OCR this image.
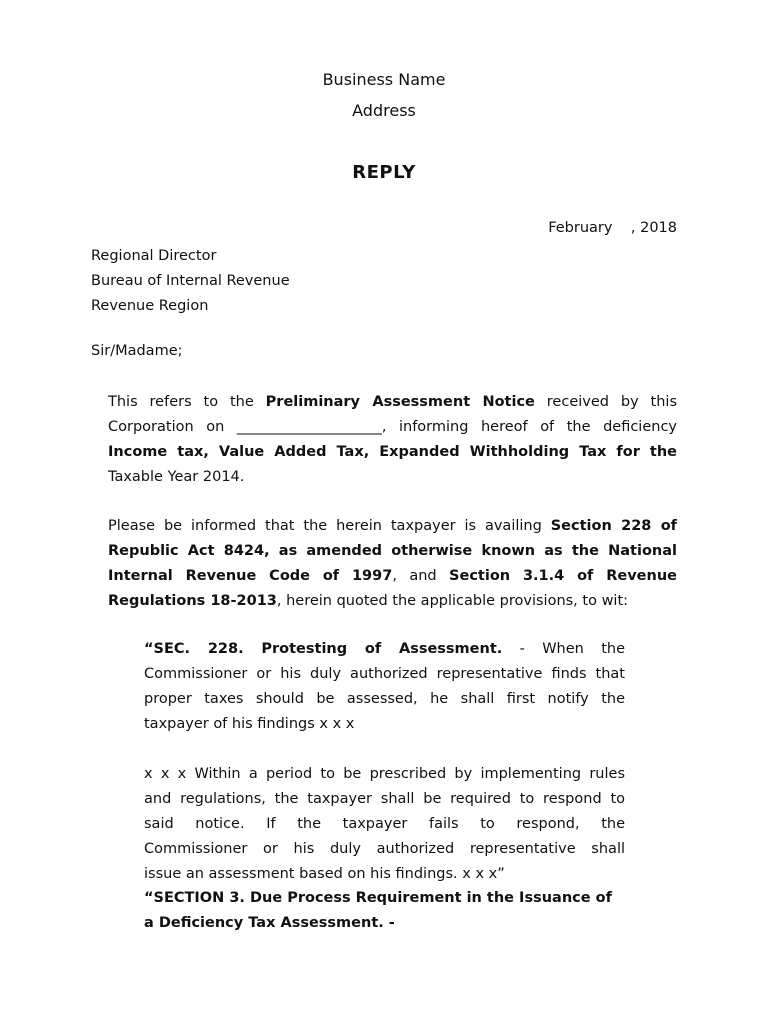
Business Name
Address
REPLY
February    , 2018
Regional Director
Bureau of Internal Revenue
Revenue Region
Sir/Madame;
This refers to the Preliminary Assessment Notice received by this
Corporation on ____________________, informing hereof of the deficiency
Income tax, Value Added Tax, Expanded Withholding Tax for the
Taxable Year 2014.
Please be informed that the herein taxpayer is availing Section 228 of
Republic Act 8424, as amended otherwise known as the National
Internal Revenue Code of 1997, and Section 3.1.4 of Revenue
Regulations 18-2013, herein quoted the applicable provisions, to wit:
“SEC. 228. Protesting of Assessment. - When the
Commissioner or his duly authorized representative finds that
proper taxes should be assessed, he shall first notify the
taxpayer of his findings x x x
x x x Within a period to be prescribed by implementing rules
and regulations, the taxpayer shall be required to respond to
said notice. If the taxpayer fails to respond, the
Commissioner or his duly authorized representative shall
issue an assessment based on his findings. x x x”
“SECTION 3. Due Process Requirement in the Issuance of
a Deficiency Tax Assessment. -
